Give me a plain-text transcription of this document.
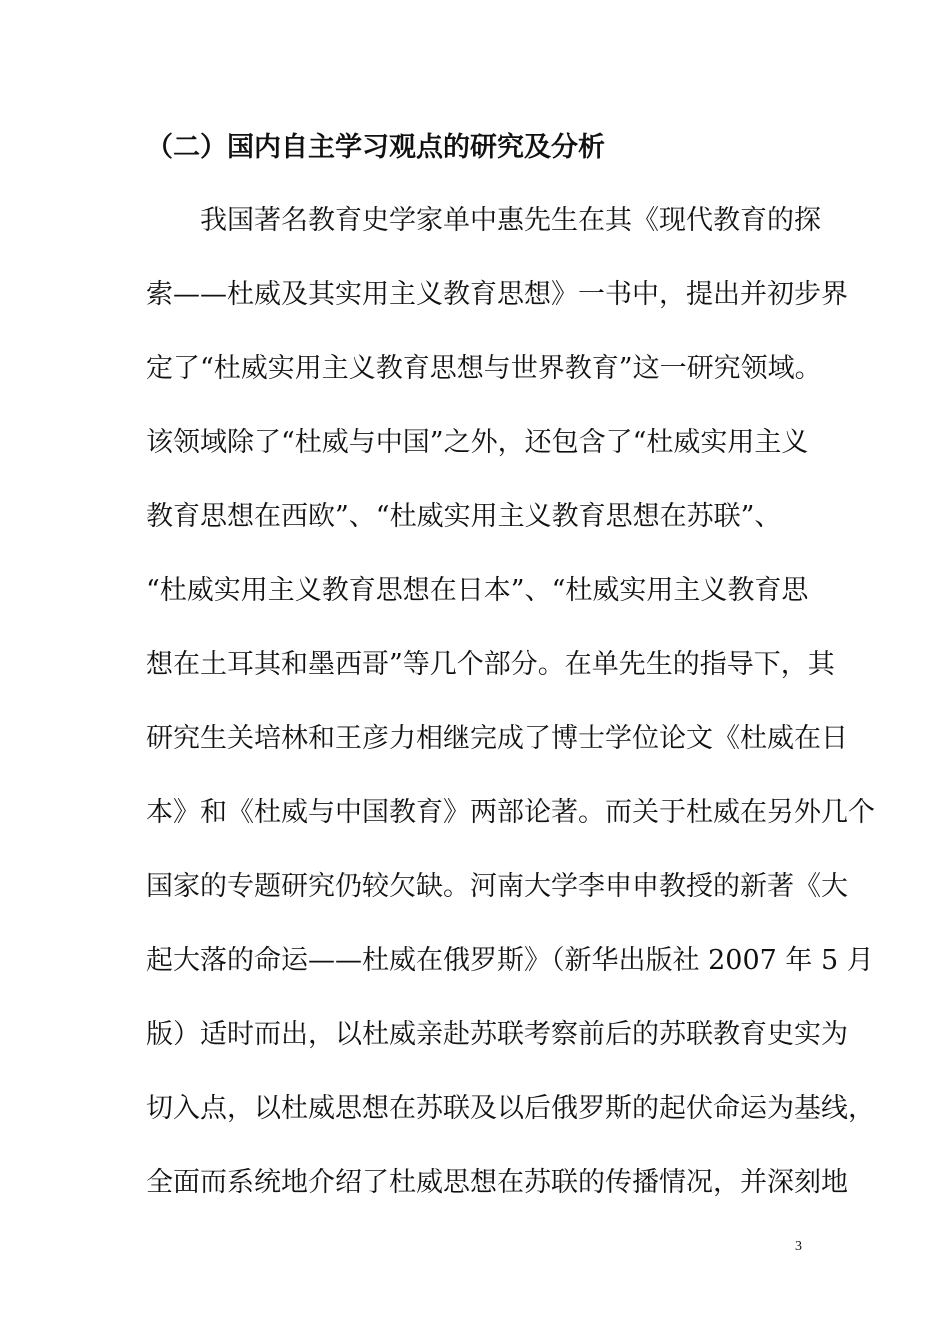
（二）国内自主学习观点的研究及分析
　　我国著名教育史学家单中惠先生在其《现代教育的探
索——杜威及其实用主义教育思想》一书中，提出并初步界
定了“杜威实用主义教育思想与世界教育”这一研究领域。
该领域除了“杜威与中国”之外，还包含了“杜威实用主义
教育思想在西欧”、“杜威实用主义教育思想在苏联”、
“杜威实用主义教育思想在日本”、“杜威实用主义教育思
想在土耳其和墨西哥”等几个部分。在单先生的指导下，其
研究生关培林和王彦力相继完成了博士学位论文《杜威在日
本》和《杜威与中国教育》两部论著。而关于杜威在另外几个
国家的专题研究仍较欠缺。河南大学李申申教授的新著《大
起大落的命运——杜威在俄罗斯》（新华出版社 2007 年 5 月
版）适时而出，以杜威亲赴苏联考察前后的苏联教育史实为
切入点，以杜威思想在苏联及以后俄罗斯的起伏命运为基线，
全面而系统地介绍了杜威思想在苏联的传播情况，并深刻地
3
